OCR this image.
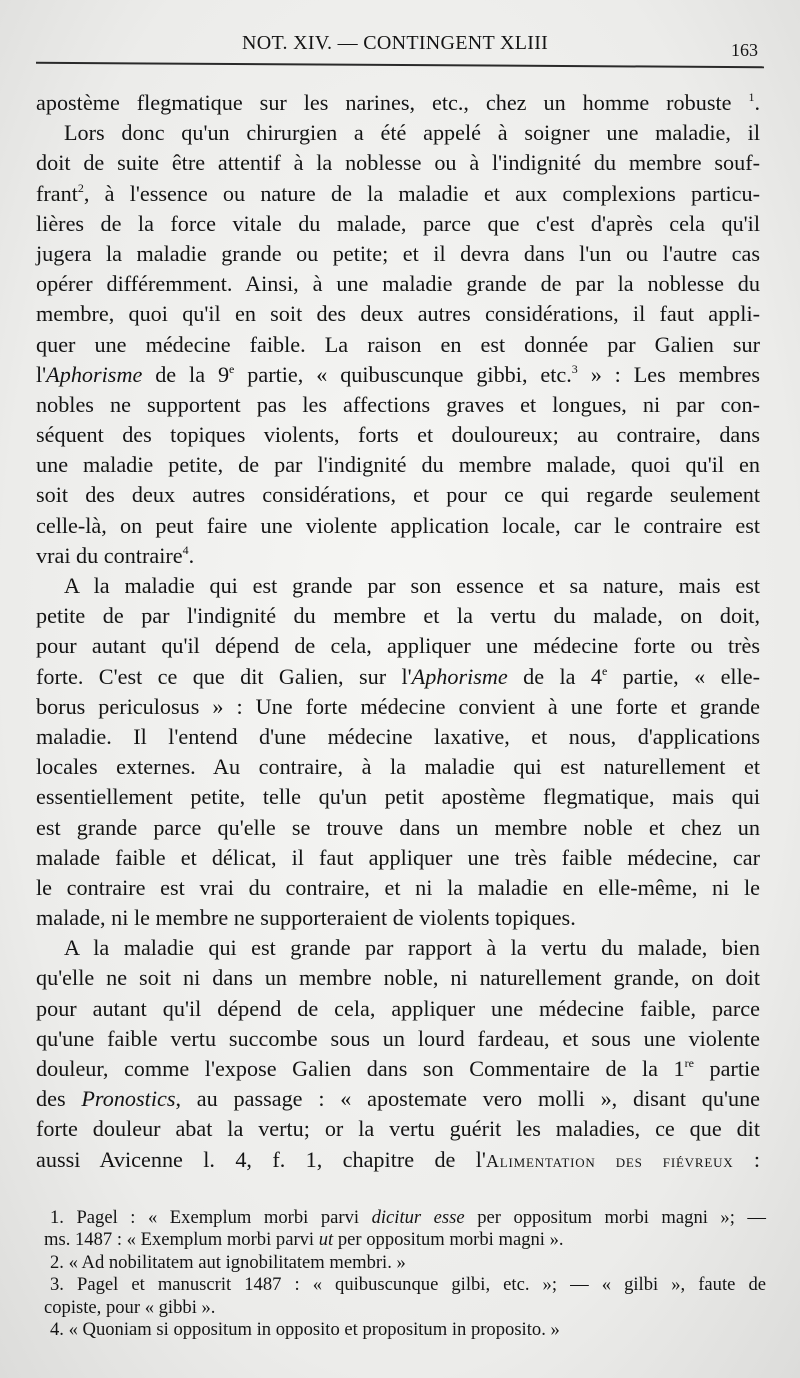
NOT. XIV. — CONTINGENT XLIII	163
apostème flegmatique sur les narines, etc., chez un homme robuste $^1$.
Lors donc qu'un chirurgien a été appelé à soigner une maladie, il
doit de suite être attentif à la noblesse ou à l'indignité du membre souf-
frant$^2$, à l'essence ou nature de la maladie et aux complexions particu-
lières de la force vitale du malade, parce que c'est d'après cela qu'il
jugera la maladie grande ou petite; et il devra dans l'un ou l'autre cas
opérer différemment. Ainsi, à une maladie grande de par la noblesse du
membre, quoi qu'il en soit des deux autres considérations, il faut appli-
quer une médecine faible. La raison en est donnée par Galien sur
l'Aphorisme de la 9e partie, « quibuscunque gibbi, etc.$^3$ » : Les membres
nobles ne supportent pas les affections graves et longues, ni par con-
séquent des topiques violents, forts et douloureux; au contraire, dans
une maladie petite, de par l'indignité du membre malade, quoi qu'il en
soit des deux autres considérations, et pour ce qui regarde seulement
celle-là, on peut faire une violente application locale, car le contraire est
vrai du contraire$^4$.
A la maladie qui est grande par son essence et sa nature, mais est
petite de par l'indignité du membre et la vertu du malade, on doit,
pour autant qu'il dépend de cela, appliquer une médecine forte ou très
forte. C'est ce que dit Galien, sur l'Aphorisme de la 4e partie, « elle-
borus periculosus » : Une forte médecine convient à une forte et grande
maladie. Il l'entend d'une médecine laxative, et nous, d'applications
locales externes. Au contraire, à la maladie qui est naturellement et
essentiellement petite, telle qu'un petit apostème flegmatique, mais qui
est grande parce qu'elle se trouve dans un membre noble et chez un
malade faible et délicat, il faut appliquer une très faible médecine, car
le contraire est vrai du contraire, et ni la maladie en elle-même, ni le
malade, ni le membre ne supporteraient de violents topiques.
A la maladie qui est grande par rapport à la vertu du malade, bien
qu'elle ne soit ni dans un membre noble, ni naturellement grande, on doit
pour autant qu'il dépend de cela, appliquer une médecine faible, parce
qu'une faible vertu succombe sous un lourd fardeau, et sous une violente
douleur, comme l'expose Galien dans son Commentaire de la 1re partie
des Pronostics, au passage : « apostemate vero molli », disant qu'une
forte douleur abat la vertu; or la vertu guérit les maladies, ce que dit
aussi Avicenne l. 4, f. 1, chapitre de l'Alimentation des fiévreux :
1. Pagel : « Exemplum morbi parvi dicitur esse per oppositum morbi magni »; —
ms. 1487 : « Exemplum morbi parvi ut per oppositum morbi magni ».
2. « Ad nobilitatem aut ignobilitatem membri. »
3. Pagel et manuscrit 1487 : « quibuscunque gilbi, etc. »; — « gilbi », faute de
copiste, pour « gibbi ».
4. « Quoniam si oppositum in opposito et propositum in proposito. »
